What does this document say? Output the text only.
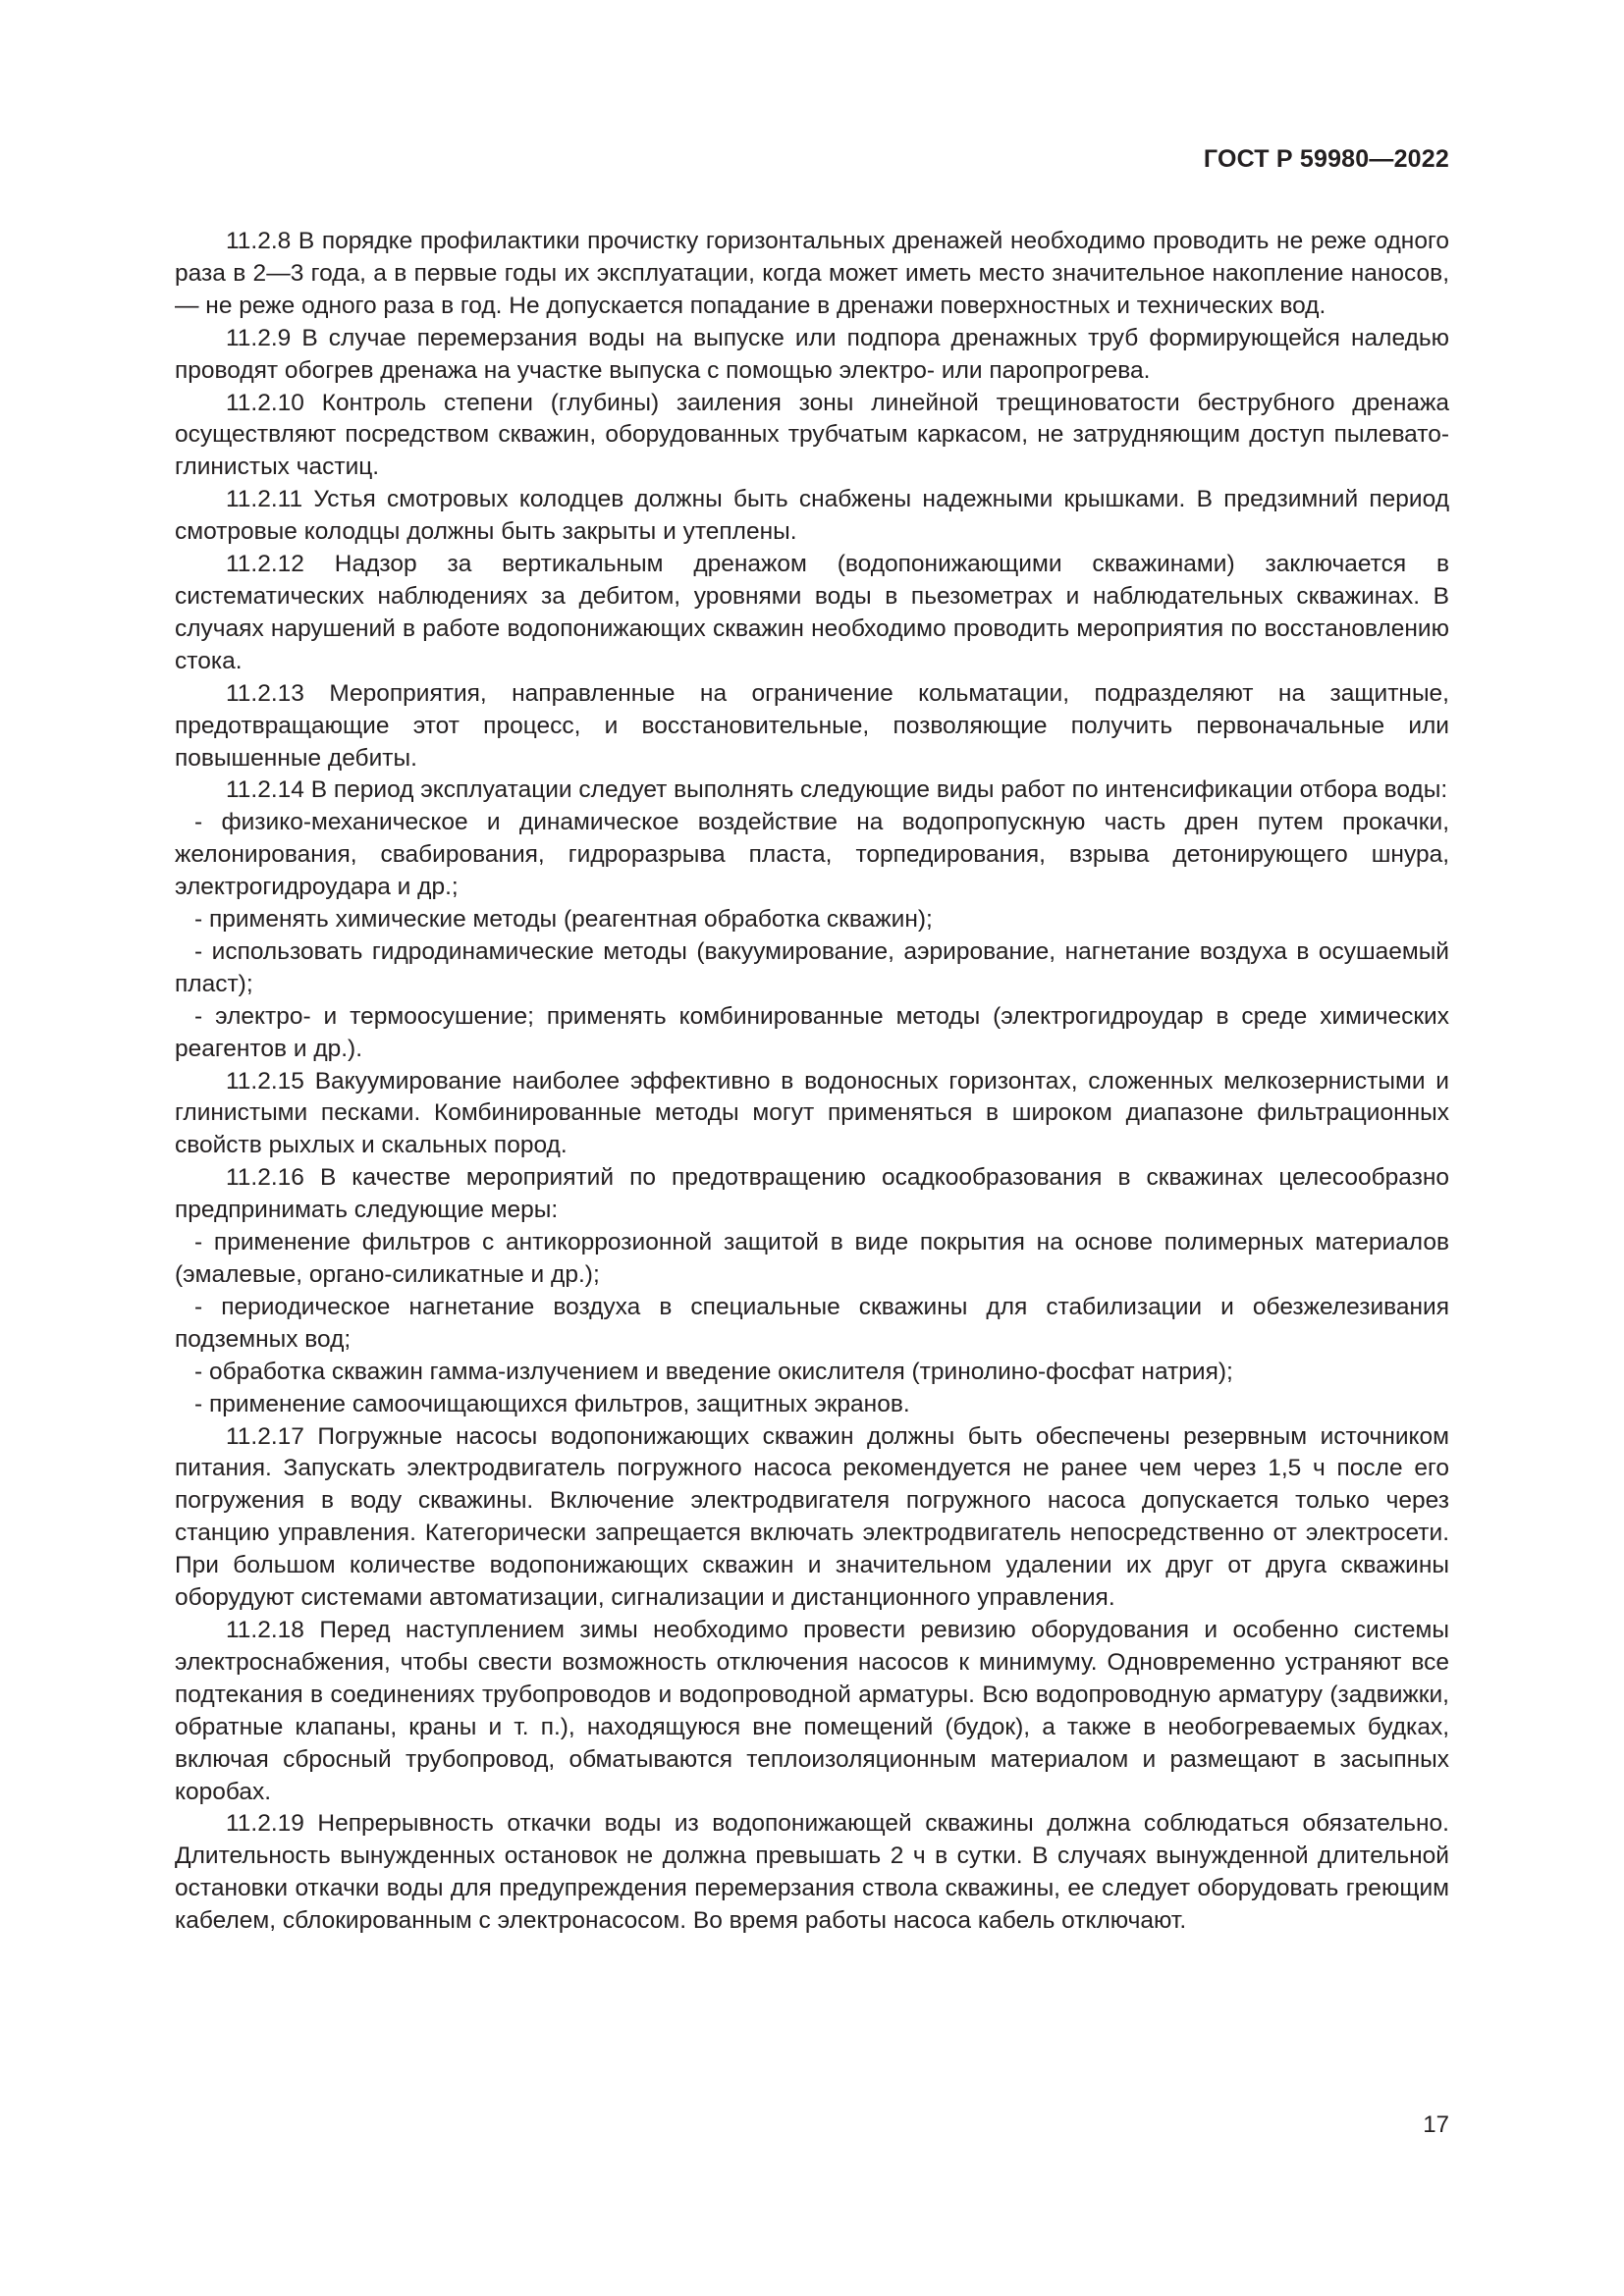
ГОСТ Р 59980—2022

11.2.8 В порядке профилактики прочистку горизонтальных дренажей необходимо проводить не реже одного раза в 2—3 года, а в первые годы их эксплуатации, когда может иметь место значительное накопление наносов, — не реже одного раза в год. Не допускается попадание в дренажи поверхностных и технических вод.

11.2.9 В случае перемерзания воды на выпуске или подпора дренажных труб формирующейся наледью проводят обогрев дренажа на участке выпуска с помощью электро- или паропрогрева.

11.2.10 Контроль степени (глубины) заиления зоны линейной трещиноватости беструбного дренажа осуществляют посредством скважин, оборудованных трубчатым каркасом, не затрудняющим доступ пылевато-глинистых частиц.

11.2.11 Устья смотровых колодцев должны быть снабжены надежными крышками. В предзимний период смотровые колодцы должны быть закрыты и утеплены.

11.2.12 Надзор за вертикальным дренажом (водопонижающими скважинами) заключается в систематических наблюдениях за дебитом, уровнями воды в пьезометрах и наблюдательных скважинах. В случаях нарушений в работе водопонижающих скважин необходимо проводить мероприятия по восстановлению стока.

11.2.13 Мероприятия, направленные на ограничение кольматации, подразделяют на защитные, предотвращающие этот процесс, и восстановительные, позволяющие получить первоначальные или повышенные дебиты.

11.2.14 В период эксплуатации следует выполнять следующие виды работ по интенсификации отбора воды:

- физико-механическое и динамическое воздействие на водопропускную часть дрен путем прокачки, желонирования, свабирования, гидроразрыва пласта, торпедирования, взрыва детонирующего шнура, электрогидроудара и др.;

- применять химические методы (реагентная обработка скважин);

- использовать гидродинамические методы (вакуумирование, аэрирование, нагнетание воздуха в осушаемый пласт);

- электро- и термоосушение; применять комбинированные методы (электрогидроудар в среде химических реагентов и др.).

11.2.15 Вакуумирование наиболее эффективно в водоносных горизонтах, сложенных мелкозернистыми и глинистыми песками. Комбинированные методы могут применяться в широком диапазоне фильтрационных свойств рыхлых и скальных пород.

11.2.16 В качестве мероприятий по предотвращению осадкообразования в скважинах целесообразно предпринимать следующие меры:

- применение фильтров с антикоррозионной защитой в виде покрытия на основе полимерных материалов (эмалевые, органо-силикатные и др.);

- периодическое нагнетание воздуха в специальные скважины для стабилизации и обезжелезивания подземных вод;

- обработка скважин гамма-излучением и введение окислителя (тринолино-фосфат натрия);

- применение самоочищающихся фильтров, защитных экранов.

11.2.17 Погружные насосы водопонижающих скважин должны быть обеспечены резервным источником питания. Запускать электродвигатель погружного насоса рекомендуется не ранее чем через 1,5 ч после его погружения в воду скважины. Включение электродвигателя погружного насоса допускается только через станцию управления. Категорически запрещается включать электродвигатель непосредственно от электросети. При большом количестве водопонижающих скважин и значительном удалении их друг от друга скважины оборудуют системами автоматизации, сигнализации и дистанционного управления.

11.2.18 Перед наступлением зимы необходимо провести ревизию оборудования и особенно системы электроснабжения, чтобы свести возможность отключения насосов к минимуму. Одновременно устраняют все подтекания в соединениях трубопроводов и водопроводной арматуры. Всю водопроводную арматуру (задвижки, обратные клапаны, краны и т. п.), находящуюся вне помещений (будок), а также в необогреваемых будках, включая сбросный трубопровод, обматываются теплоизоляционным материалом и размещают в засыпных коробах.

11.2.19 Непрерывность откачки воды из водопонижающей скважины должна соблюдаться обязательно. Длительность вынужденных остановок не должна превышать 2 ч в сутки. В случаях вынужденной длительной остановки откачки воды для предупреждения перемерзания ствола скважины, ее следует оборудовать греющим кабелем, сблокированным с электронасосом. Во время работы насоса кабель отключают.

17
